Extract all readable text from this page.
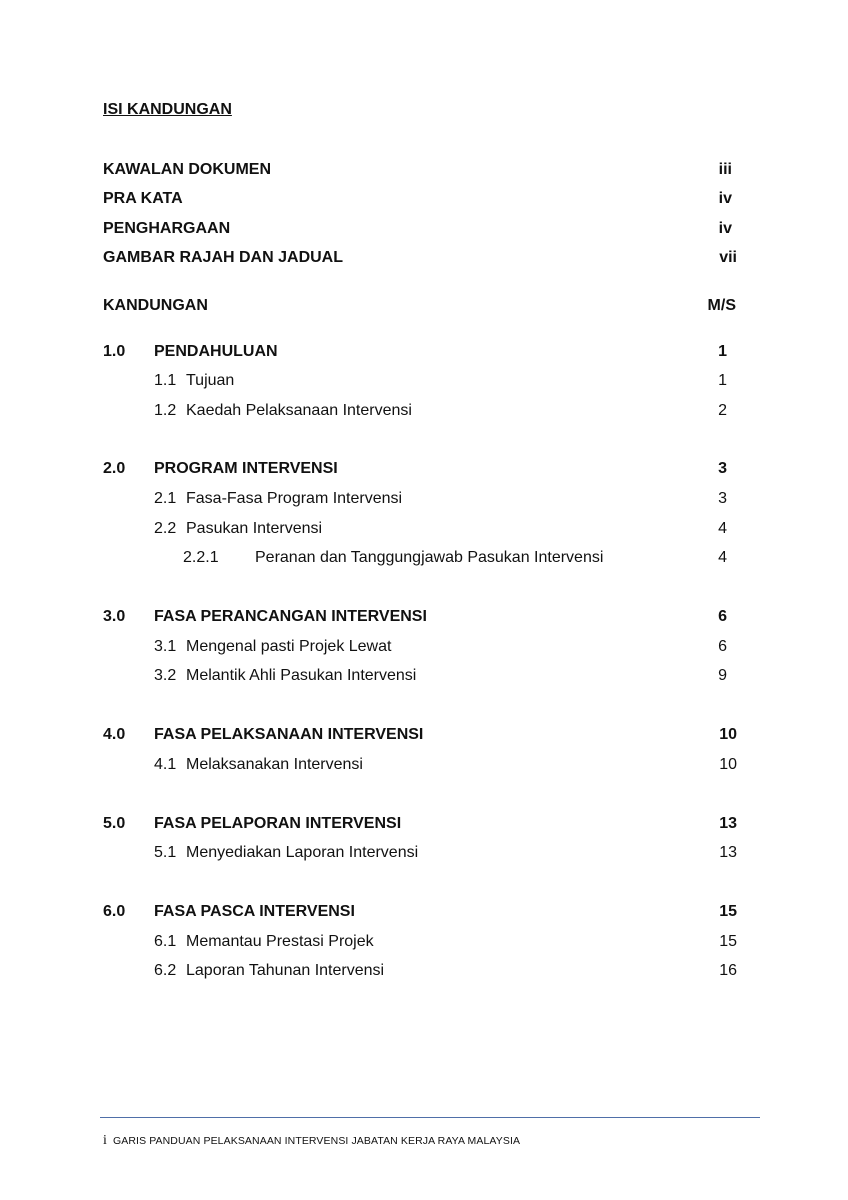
ISI KANDUNGAN
KAWALAN DOKUMEN	iii
PRA KATA	iv
PENGHARGAAN	iv
GAMBAR RAJAH DAN JADUAL	vii
KANDUNGAN	M/S
1.0 PENDAHULUAN	1
1.1 Tujuan	1
1.2 Kaedah Pelaksanaan Intervensi	2
2.0 PROGRAM INTERVENSI	3
2.1 Fasa-Fasa Program Intervensi	3
2.2 Pasukan Intervensi	4
2.2.1 Peranan dan Tanggungjawab Pasukan Intervensi	4
3.0 FASA PERANCANGAN INTERVENSI	6
3.1 Mengenal pasti Projek Lewat	6
3.2 Melantik Ahli Pasukan Intervensi	9
4.0 FASA PELAKSANAAN INTERVENSI	10
4.1 Melaksanakan Intervensi	10
5.0 FASA PELAPORAN INTERVENSI	13
5.1 Menyediakan Laporan Intervensi	13
6.0 FASA PASCA INTERVENSI	15
6.1 Memantau Prestasi Projek	15
6.2 Laporan Tahunan Intervensi	16
i GARIS PANDUAN PELAKSANAAN INTERVENSI JABATAN KERJA RAYA MALAYSIA
